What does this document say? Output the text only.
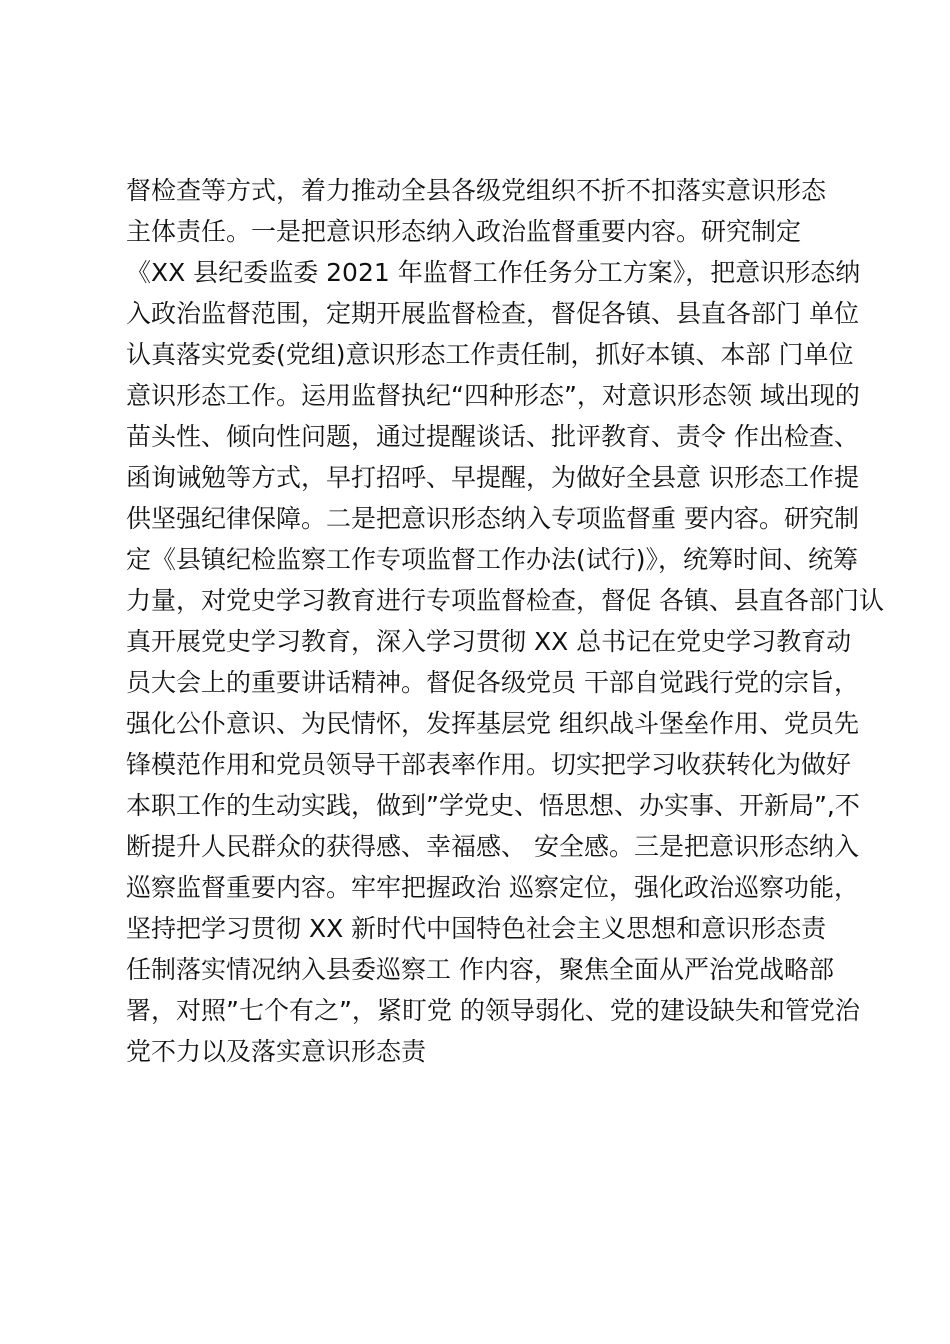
督检查等方式，着力推动全县各级党组织不折不扣落实意识形态
主体责任。一是把意识形态纳入政治监督重要内容。研究制定
《XX 县纪委监委 2021 年监督工作任务分工方案》，把意识形态纳
入政治监督范围，定期开展监督检查，督促各镇、县直各部门 单位
认真落实党委(党组)意识形态工作责任制，抓好本镇、本部 门单位
意识形态工作。运用监督执纪“四种形态”，对意识形态领 域出现的
苗头性、倾向性问题，通过提醒谈话、批评教育、责令 作出检查、
函询诫勉等方式，早打招呼、早提醒，为做好全县意 识形态工作提
供坚强纪律保障。二是把意识形态纳入专项监督重 要内容。研究制
定《县镇纪检监察工作专项监督工作办法(试行)》，统筹时间、统筹
力量，对党史学习教育进行专项监督检查，督促 各镇、县直各部门认
真开展党史学习教育，深入学习贯彻 XX 总书记在党史学习教育动
员大会上的重要讲话精神。督促各级党员 干部自觉践行党的宗旨，
强化公仆意识、为民情怀，发挥基层党 组织战斗堡垒作用、党员先
锋模范作用和党员领导干部表率作用。切实把学习收获转化为做好
本职工作的生动实践，做到”学党史、悟思想、办实事、开新局”,不
断提升人民群众的获得感、幸福感、 安全感。三是把意识形态纳入
巡察监督重要内容。牢牢把握政治 巡察定位，强化政治巡察功能，
坚持把学习贯彻 XX 新时代中国特色社会主义思想和意识形态责
任制落实情况纳入县委巡察工 作内容，聚焦全面从严治党战略部
署，对照”七个有之”，紧盯党 的领导弱化、党的建设缺失和管党治
党不力以及落实意识形态责
